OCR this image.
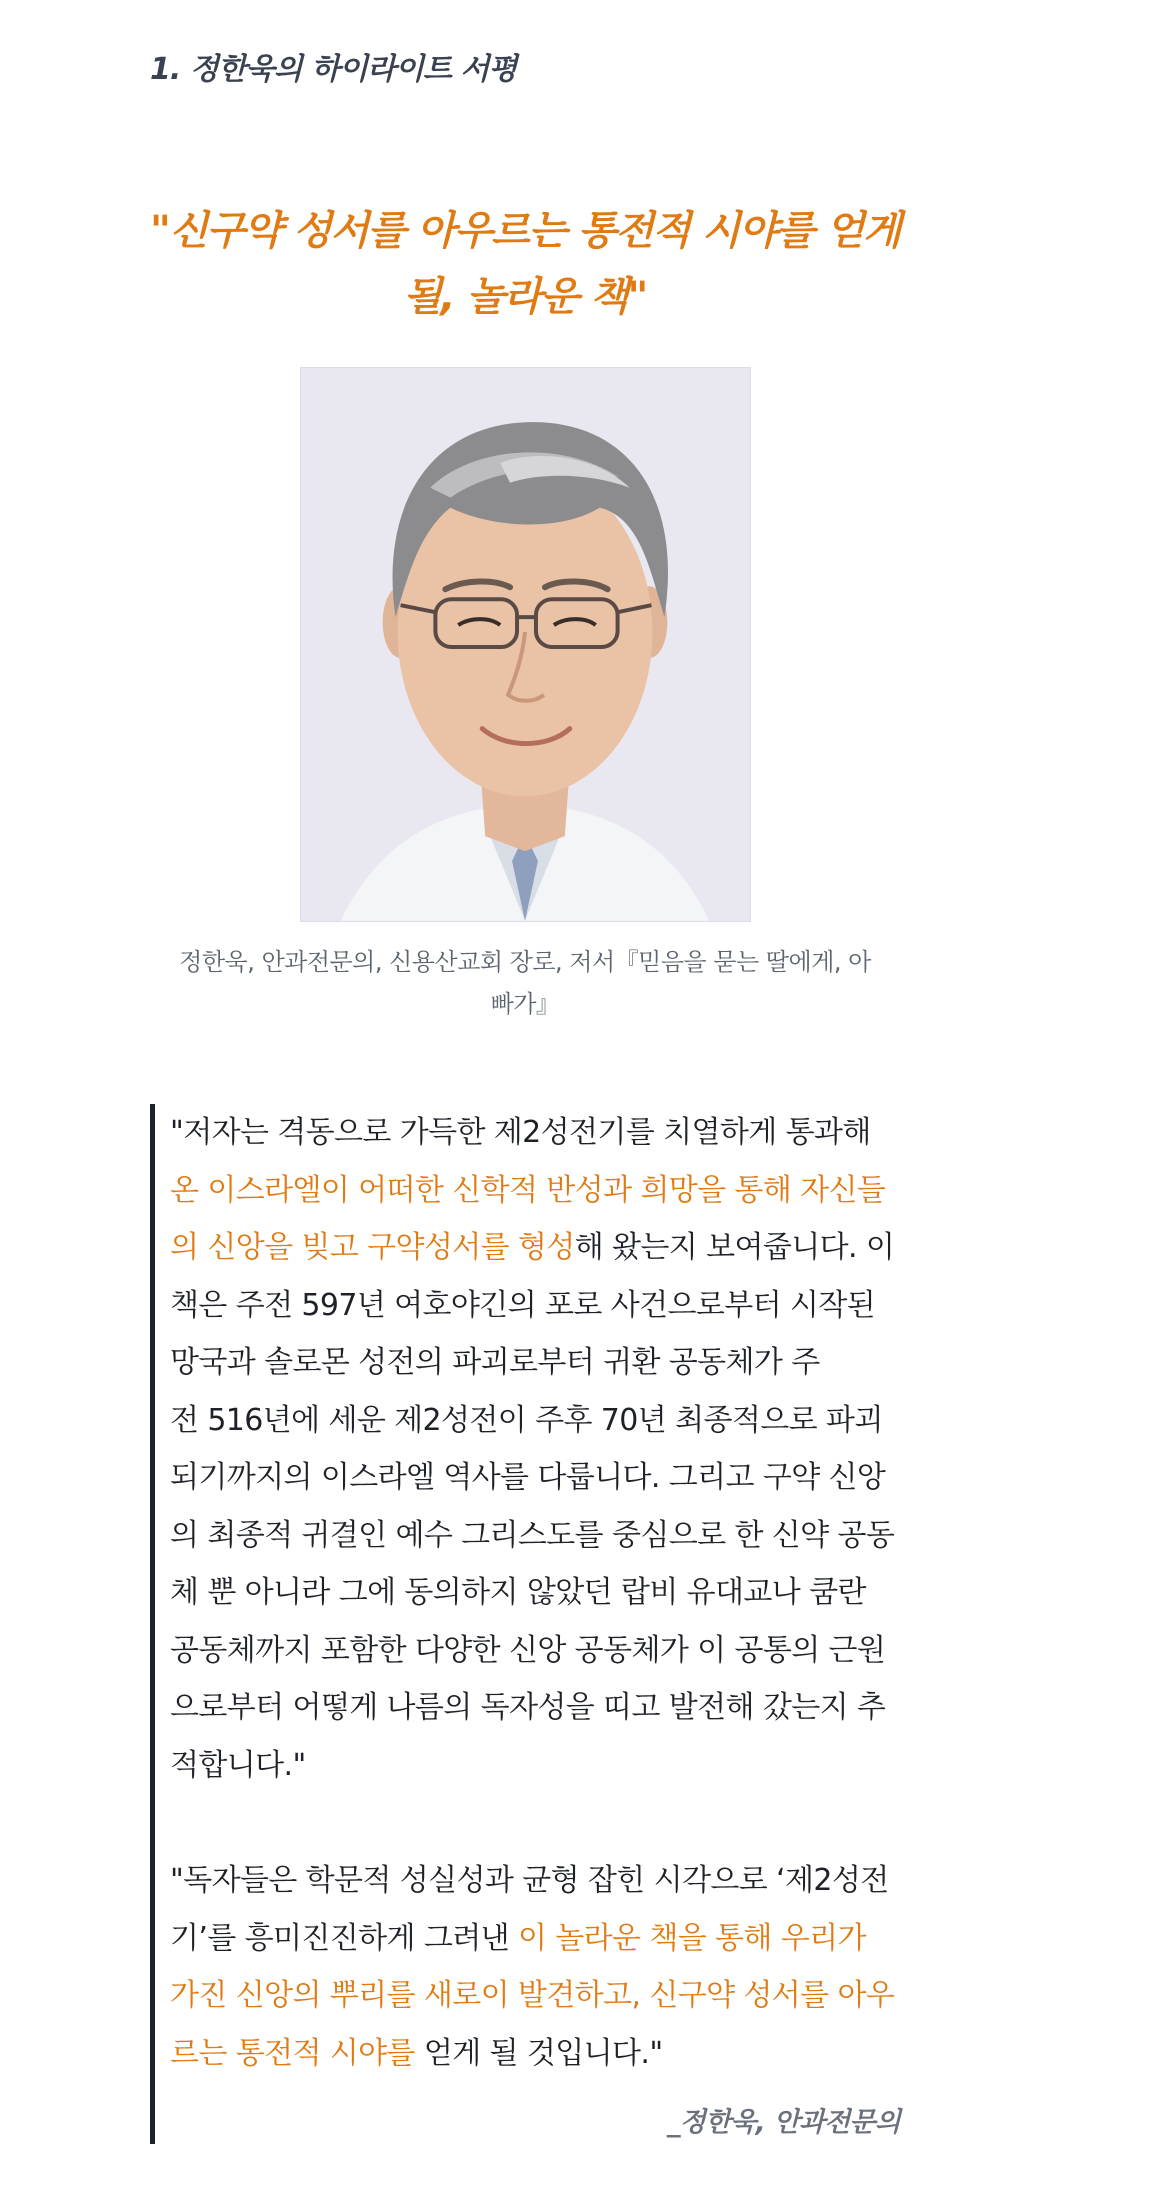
1. 정한욱의 하이라이트 서평
"신구약 성서를 아우르는 통전적 시야를 얻게
될, 놀라운 책"

정한욱, 안과전문의, 신용산교회 장로, 저서『믿음을 묻는 딸에게, 아
빠가』

"저자는 격동으로 가득한 제2성전기를 치열하게 통과해
온 이스라엘이 어떠한 신학적 반성과 희망을 통해 자신들
의 신앙을 빚고 구약성서를 형성해 왔는지 보여줍니다. 이
책은 주전 597년 여호야긴의 포로 사건으로부터 시작된
망국과 솔로몬 성전의 파괴로부터 귀환 공동체가 주
전 516년에 세운 제2성전이 주후 70년 최종적으로 파괴
되기까지의 이스라엘 역사를 다룹니다. 그리고 구약 신앙
의 최종적 귀결인 예수 그리스도를 중심으로 한 신약 공동
체 뿐 아니라 그에 동의하지 않았던 랍비 유대교나 쿰란
공동체까지 포함한 다양한 신앙 공동체가 이 공통의 근원
으로부터 어떻게 나름의 독자성을 띠고 발전해 갔는지 추
적합니다."

"독자들은 학문적 성실성과 균형 잡힌 시각으로 ‘제2성전
기’를 흥미진진하게 그려낸 이 놀라운 책을 통해 우리가
가진 신앙의 뿌리를 새로이 발견하고, 신구약 성서를 아우
르는 통전적 시야를 얻게 될 것입니다."

_정한욱, 안과전문의
